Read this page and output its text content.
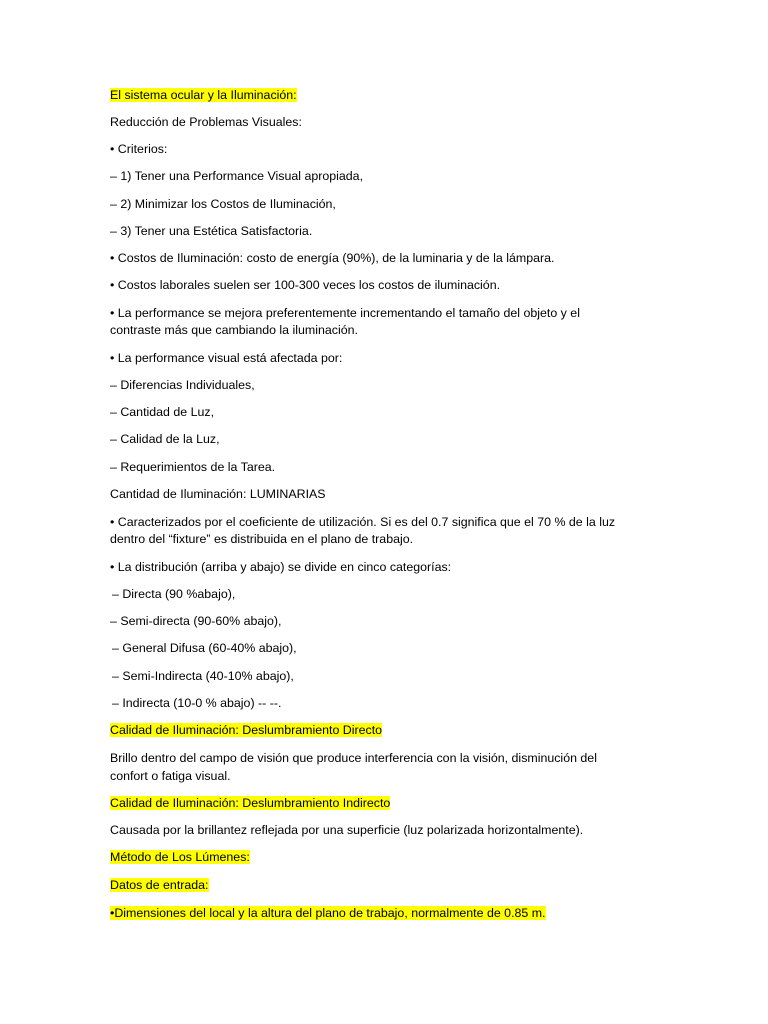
El sistema ocular y la Iluminación:

Reducción de Problemas Visuales:

• Criterios:

– 1) Tener una Performance Visual apropiada,

– 2) Minimizar los Costos de Iluminación,

– 3) Tener una Estética Satisfactoria.

• Costos de Iluminación: costo de energía (90%), de la luminaria y de la lámpara.

• Costos laborales suelen ser 100-300 veces los costos de iluminación.

• La performance se mejora preferentemente incrementando el tamaño del objeto y el

contraste más que cambiando la iluminación.

• La performance visual está afectada por:

– Diferencias Individuales,

– Cantidad de Luz,

– Calidad de la Luz,

– Requerimientos de la Tarea.

Cantidad de Iluminación: LUMINARIAS

• Caracterizados por el coeficiente de utilización. Si es del 0.7 significa que el 70 % de la luz

dentro del “fixture” es distribuida en el plano de trabajo.

• La distribución (arriba y abajo) se divide en cinco categorías:

– Directa (90 %abajo),

– Semi-directa (90-60% abajo),

– General Difusa (60-40% abajo),

– Semi-Indirecta (40-10% abajo),

– Indirecta (10-0 % abajo) -- --.

Calidad de Iluminación: Deslumbramiento Directo

Brillo dentro del campo de visión que produce interferencia con la visión, disminución del

confort o fatiga visual.

Calidad de Iluminación: Deslumbramiento Indirecto

Causada por la brillantez reflejada por una superficie (luz polarizada horizontalmente).

Método de Los Lúmenes:

Datos de entrada:

•Dimensiones del local y la altura del plano de trabajo, normalmente de 0.85 m.
